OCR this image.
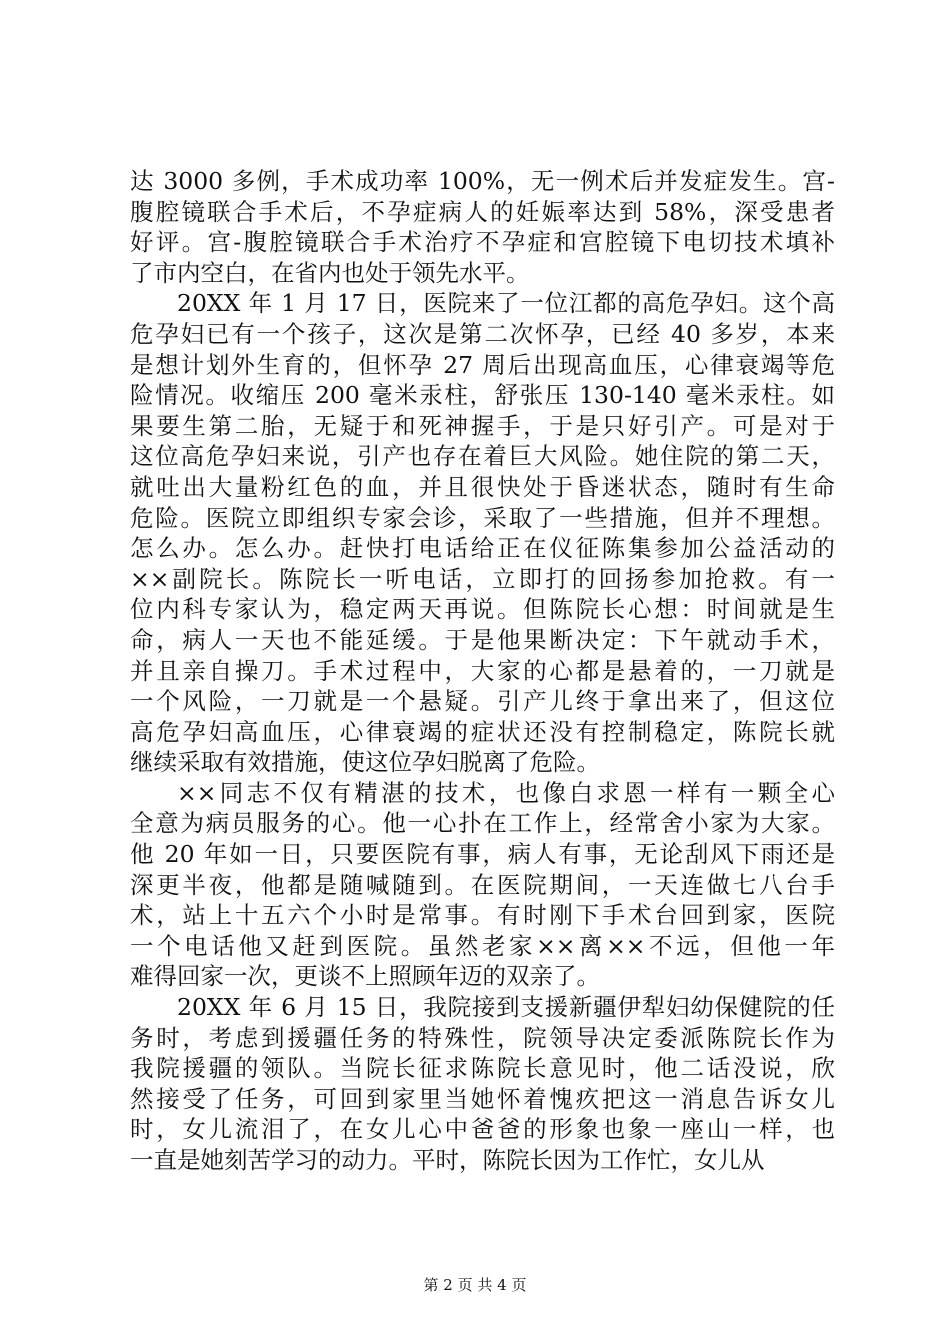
达 3000 多例，手术成功率 100%，无一例术后并发症发生。宫-
腹腔镜联合手术后，不孕症病人的妊娠率达到 58%，深受患者
好评。宫-腹腔镜联合手术治疗不孕症和宫腔镜下电切技术填补
了市内空白，在省内也处于领先水平。
20XX 年 1 月 17 日，医院来了一位江都的高危孕妇。这个高
危孕妇已有一个孩子，这次是第二次怀孕，已经 40 多岁，本来
是想计划外生育的，但怀孕 27 周后出现高血压，心律衰竭等危
险情况。收缩压 200 毫米汞柱，舒张压 130-140 毫米汞柱。如
果要生第二胎，无疑于和死神握手，于是只好引产。可是对于
这位高危孕妇来说，引产也存在着巨大风险。她住院的第二天，
就吐出大量粉红色的血，并且很快处于昏迷状态，随时有生命
危险。医院立即组织专家会诊，采取了一些措施，但并不理想。
怎么办。怎么办。赶快打电话给正在仪征陈集参加公益活动的
××副院长。陈院长一听电话，立即打的回扬参加抢救。有一
位内科专家认为，稳定两天再说。但陈院长心想：时间就是生
命，病人一天也不能延缓。于是他果断决定：下午就动手术，
并且亲自操刀。手术过程中，大家的心都是悬着的，一刀就是
一个风险，一刀就是一个悬疑。引产儿终于拿出来了，但这位
高危孕妇高血压，心律衰竭的症状还没有控制稳定，陈院长就
继续采取有效措施，使这位孕妇脱离了危险。
××同志不仅有精湛的技术，也像白求恩一样有一颗全心
全意为病员服务的心。他一心扑在工作上，经常舍小家为大家。
他 20 年如一日，只要医院有事，病人有事，无论刮风下雨还是
深更半夜，他都是随喊随到。在医院期间，一天连做七八台手
术，站上十五六个小时是常事。有时刚下手术台回到家，医院
一个电话他又赶到医院。虽然老家××离××不远，但他一年
难得回家一次，更谈不上照顾年迈的双亲了。
20XX 年 6 月 15 日，我院接到支援新疆伊犁妇幼保健院的任
务时，考虑到援疆任务的特殊性，院领导决定委派陈院长作为
我院援疆的领队。当院长征求陈院长意见时，他二话没说，欣
然接受了任务，可回到家里当她怀着愧疚把这一消息告诉女儿
时，女儿流泪了，在女儿心中爸爸的形象也象一座山一样，也
一直是她刻苦学习的动力。平时，陈院长因为工作忙，女儿从
第 2 页 共 4 页
